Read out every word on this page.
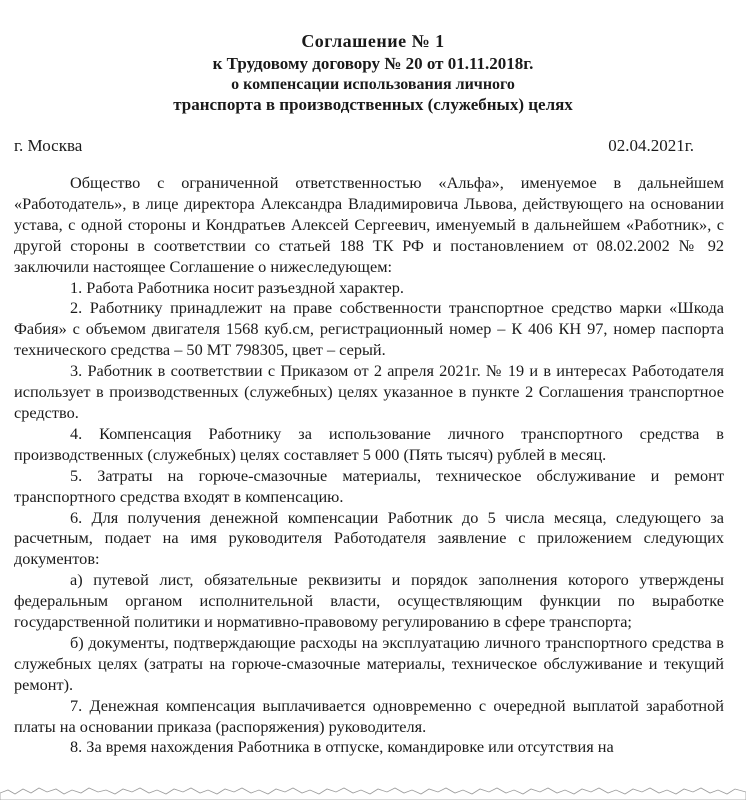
Соглашение № 1
к Трудовому договору № 20 от 01.11.2018г.
о компенсации использования личного
транспорта в производственных (служебных) целях
г. Москва	02.04.2021г.

Общество с ограниченной ответственностью «Альфа», именуемое в дальнейшем «Работодатель», в лице директора Александра Владимировича Львова, действующего на основании устава, с одной стороны и Кондратьев Алексей Сергеевич, именуемый в дальнейшем «Работник», с другой стороны в соответствии со статьей 188 ТК РФ и постановлением от 08.02.2002 № 92 заключили настоящее Соглашение о нижеследующем:

1. Работа Работника носит разъездной характер.

2. Работнику принадлежит на праве собственности транспортное средство марки «Шкода Фабия» с объемом двигателя 1568 куб.см, регистрационный номер – К 406 КН 97, номер паспорта технического средства – 50 МТ 798305, цвет – серый.

3. Работник в соответствии с Приказом от 2 апреля 2021г. № 19 и в интересах Работодателя использует в производственных (служебных) целях указанное в пункте 2 Соглашения транспортное средство.

4. Компенсация Работнику за использование личного транспортного средства в производственных (служебных) целях составляет 5 000 (Пять тысяч) рублей в месяц.

5. Затраты на горюче-смазочные материалы, техническое обслуживание и ремонт транспортного средства входят в компенсацию.

6. Для получения денежной компенсации Работник до 5 числа месяца, следующего за расчетным, подает на имя руководителя Работодателя заявление с приложением следующих документов:

а) путевой лист, обязательные реквизиты и порядок заполнения которого утверждены федеральным органом исполнительной власти, осуществляющим функции по выработке государственной политики и нормативно-правовому регулированию в сфере транспорта;

б) документы, подтверждающие расходы на эксплуатацию личного транспортного средства в служебных целях (затраты на горюче-смазочные материалы, техническое обслуживание и текущий ремонт).

7. Денежная компенсация выплачивается одновременно с очередной выплатой заработной платы на основании приказа (распоряжения) руководителя.

8. За время нахождения Работника в отпуске, командировке или отсутствия на
